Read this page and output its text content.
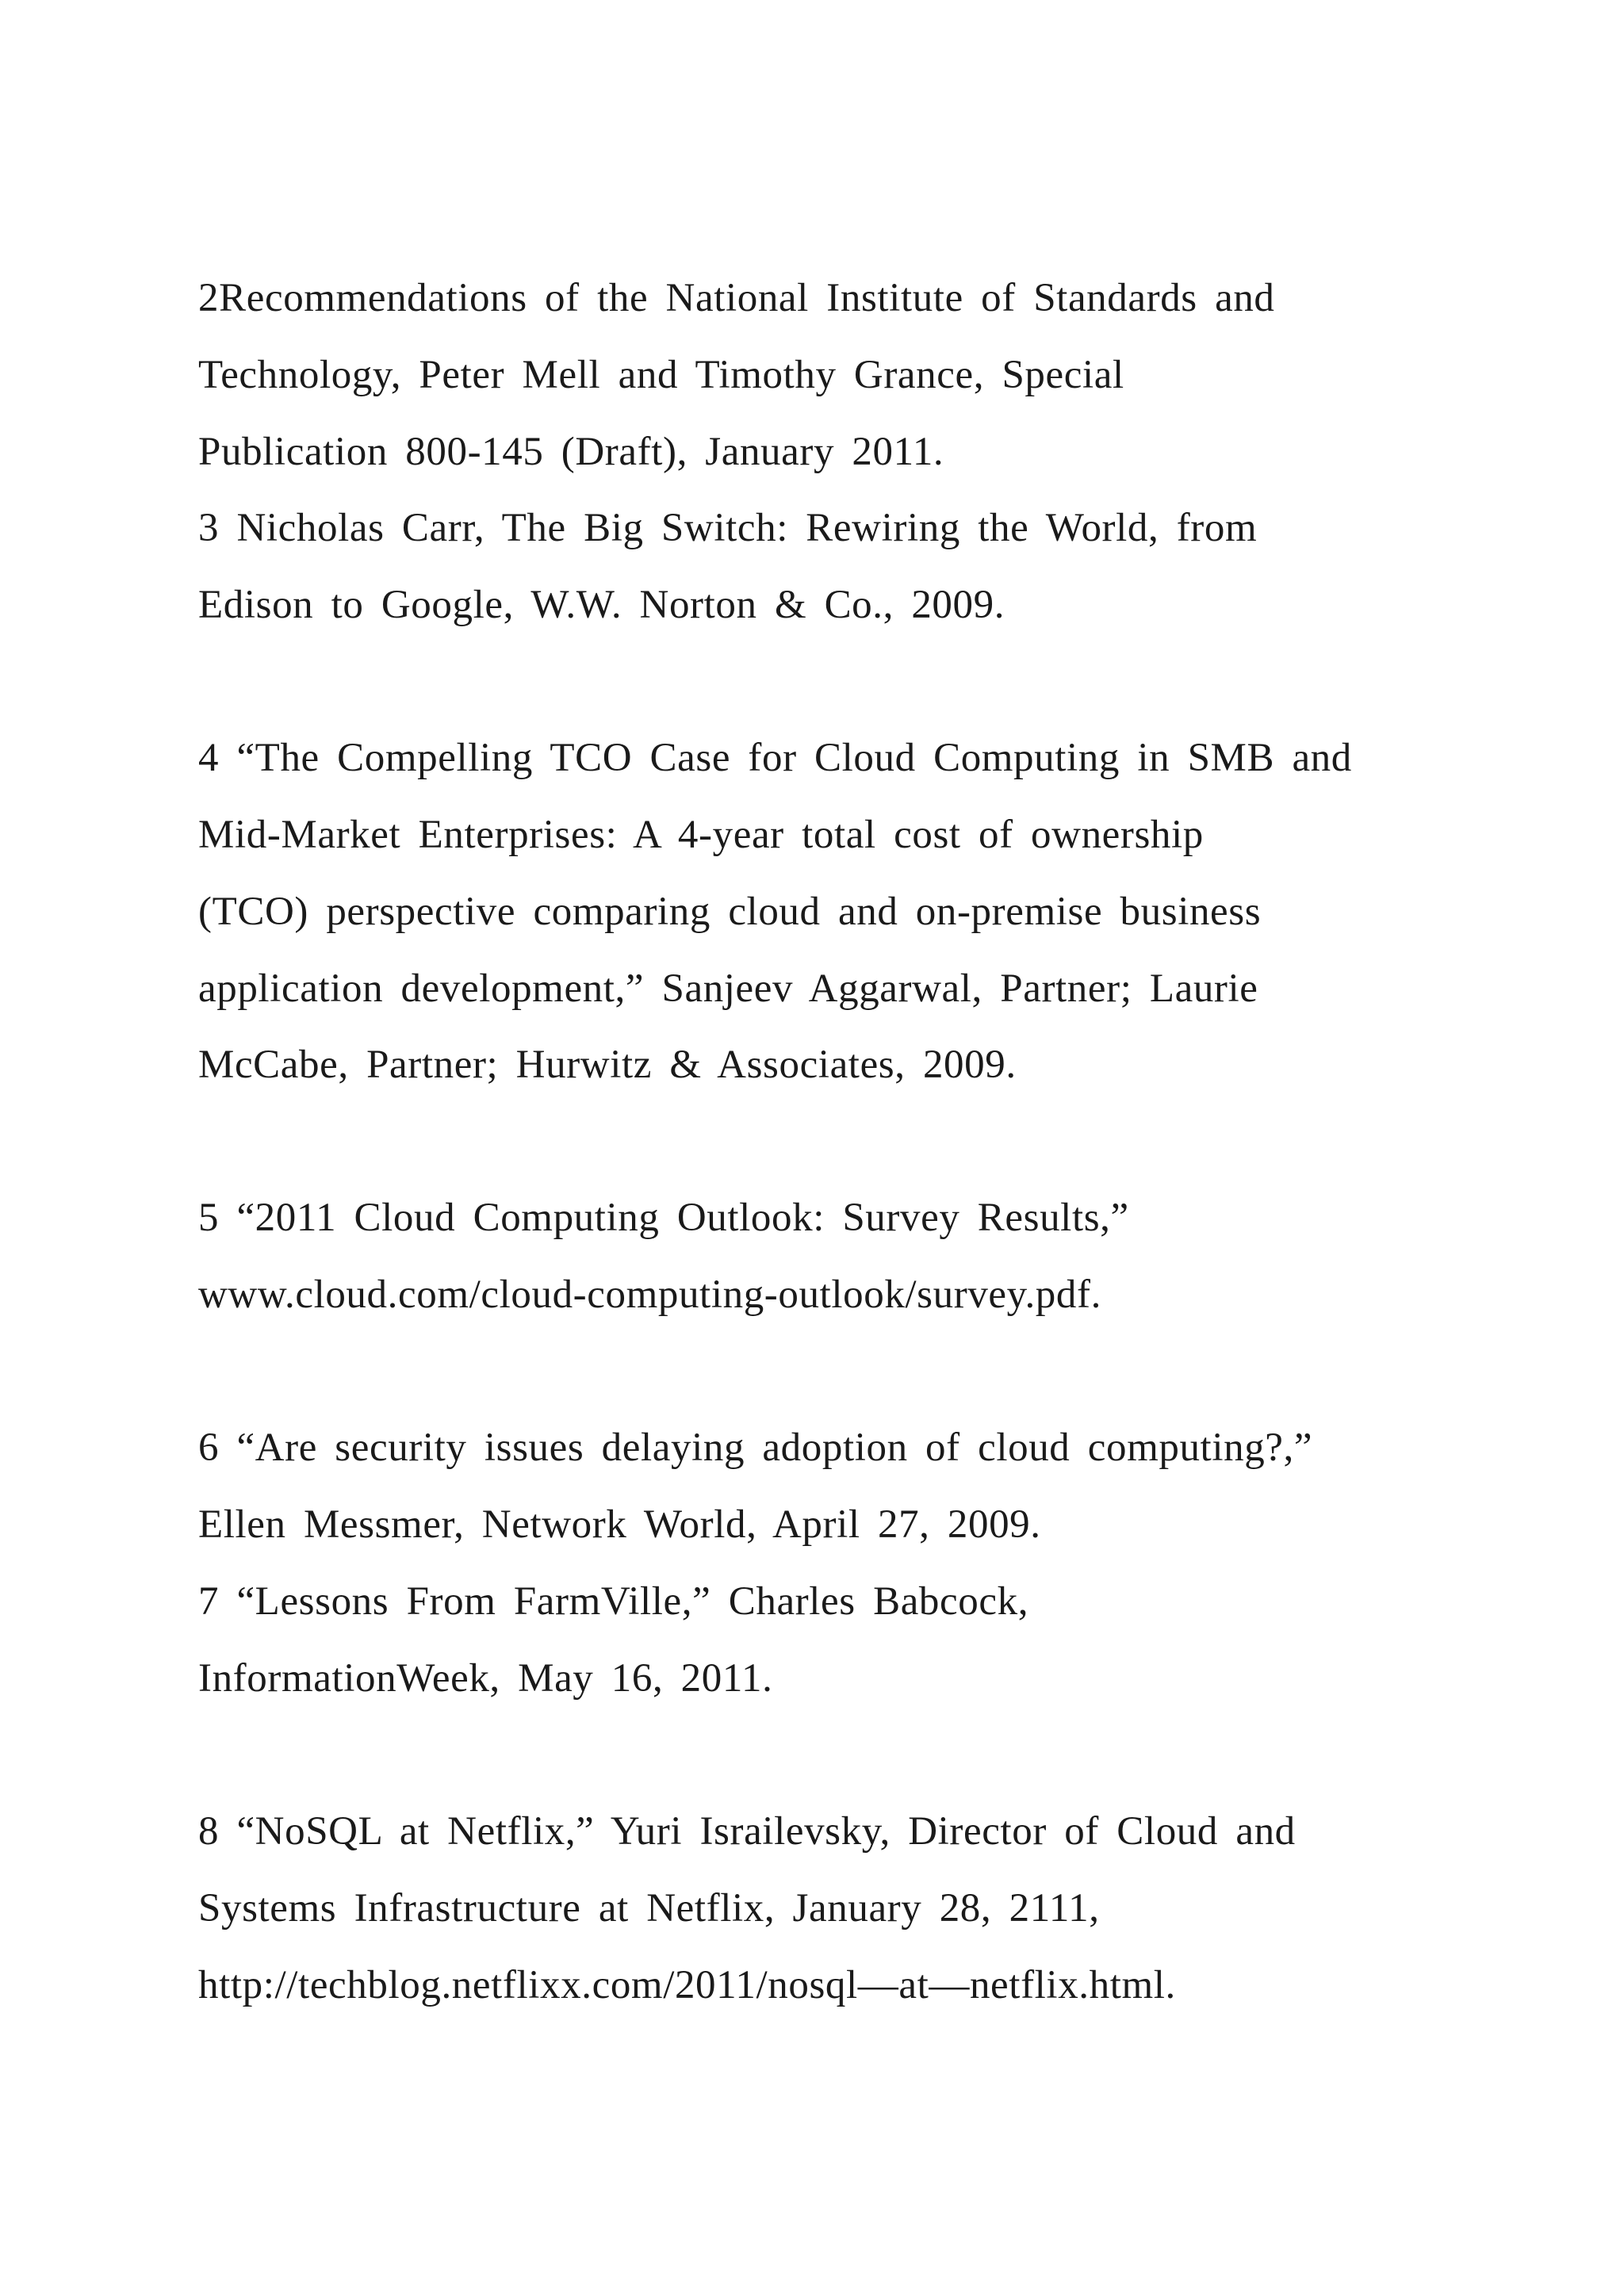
2Recommendations of the National Institute of Standards and
Technology, Peter Mell and Timothy Grance, Special
Publication 800-145 (Draft), January 2011.
3 Nicholas Carr, The Big Switch: Rewiring the World, from
Edison to Google, W.W. Norton & Co., 2009.
4 “The Compelling TCO Case for Cloud Computing in SMB and
Mid-Market Enterprises: A 4-year total cost of ownership
(TCO) perspective comparing cloud and on-premise business
application development,” Sanjeev Aggarwal, Partner; Laurie
McCabe, Partner; Hurwitz & Associates, 2009.
5 “2011 Cloud Computing Outlook: Survey Results,”
www.cloud.com/cloud-computing-outlook/survey.pdf.
6 “Are security issues delaying adoption of cloud computing?,”
Ellen Messmer, Network World, April 27, 2009.
7 “Lessons From FarmVille,” Charles Babcock,
InformationWeek, May 16, 2011.
8 “NoSQL at Netflix,” Yuri Israilevsky, Director of Cloud and
Systems Infrastructure at Netflix, January 28, 2111,
http://techblog.netflixx.com/2011/nosql—at—netflix.html.
